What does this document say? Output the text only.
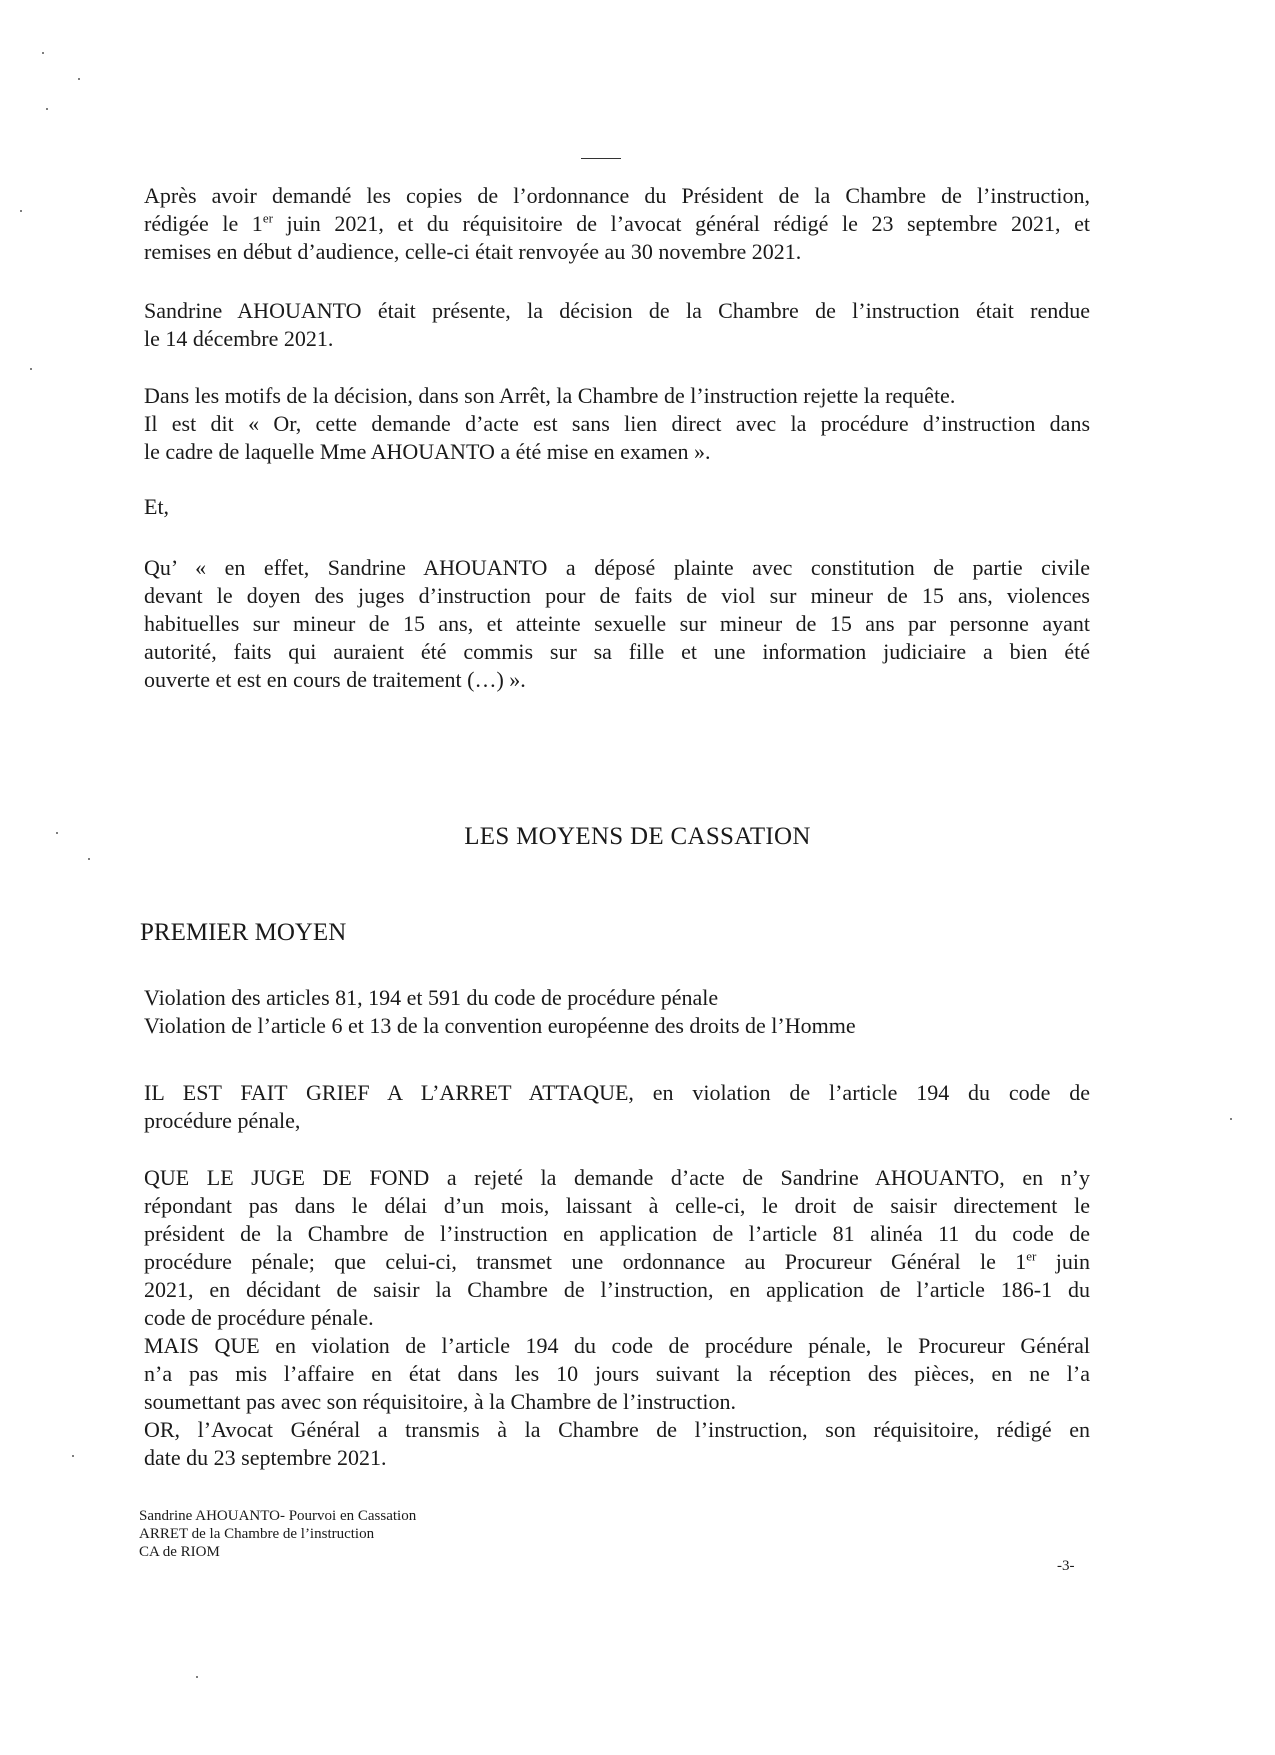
Après avoir demandé les copies de l’ordonnance du Président de la Chambre de l’instruction,
rédigée le 1er juin 2021, et du réquisitoire de l’avocat général rédigé le 23 septembre 2021, et
remises en début d’audience, celle-ci était renvoyée au 30 novembre 2021.
Sandrine AHOUANTO était présente, la décision de la Chambre de l’instruction était rendue
le 14 décembre 2021.
Dans les motifs de la décision, dans son Arrêt, la Chambre de l’instruction rejette la requête.
Il est dit « Or, cette demande d’acte est sans lien direct avec la procédure d’instruction dans
le cadre de laquelle Mme AHOUANTO a été mise en examen ».
Et,
Qu’ « en effet, Sandrine AHOUANTO a déposé plainte avec constitution de partie civile
devant le doyen des juges d’instruction pour de faits de viol sur mineur de 15 ans, violences
habituelles sur mineur de 15 ans, et atteinte sexuelle sur mineur de 15 ans par personne ayant
autorité, faits qui auraient été commis sur sa fille et une information judiciaire a bien été
ouverte et est en cours de traitement (…) ».
LES MOYENS DE CASSATION
PREMIER MOYEN
Violation des articles 81, 194 et 591 du code de procédure pénale
Violation de l’article 6 et 13 de la convention européenne des droits de l’Homme
IL EST FAIT GRIEF A L’ARRET ATTAQUE, en violation de l’article 194 du code de
procédure pénale,
QUE LE JUGE DE FOND a rejeté la demande d’acte de Sandrine AHOUANTO, en n’y
répondant pas dans le délai d’un mois, laissant à celle-ci, le droit de saisir directement le
président de la Chambre de l’instruction en application de l’article 81 alinéa 11 du code de
procédure pénale; que celui-ci, transmet une ordonnance au Procureur Général le 1er juin
2021, en décidant de saisir la Chambre de l’instruction, en application de l’article 186-1 du
code de procédure pénale.
MAIS QUE en violation de l’article 194 du code de procédure pénale, le Procureur Général
n’a pas mis l’affaire en état dans les 10 jours suivant la réception des pièces, en ne l’a
soumettant pas avec son réquisitoire, à la Chambre de l’instruction.
OR, l’Avocat Général a transmis à la Chambre de l’instruction, son réquisitoire, rédigé en
date du 23 septembre 2021.
Sandrine AHOUANTO- Pourvoi en Cassation
ARRET de la Chambre de l’instruction
CA de RIOM
-3-
